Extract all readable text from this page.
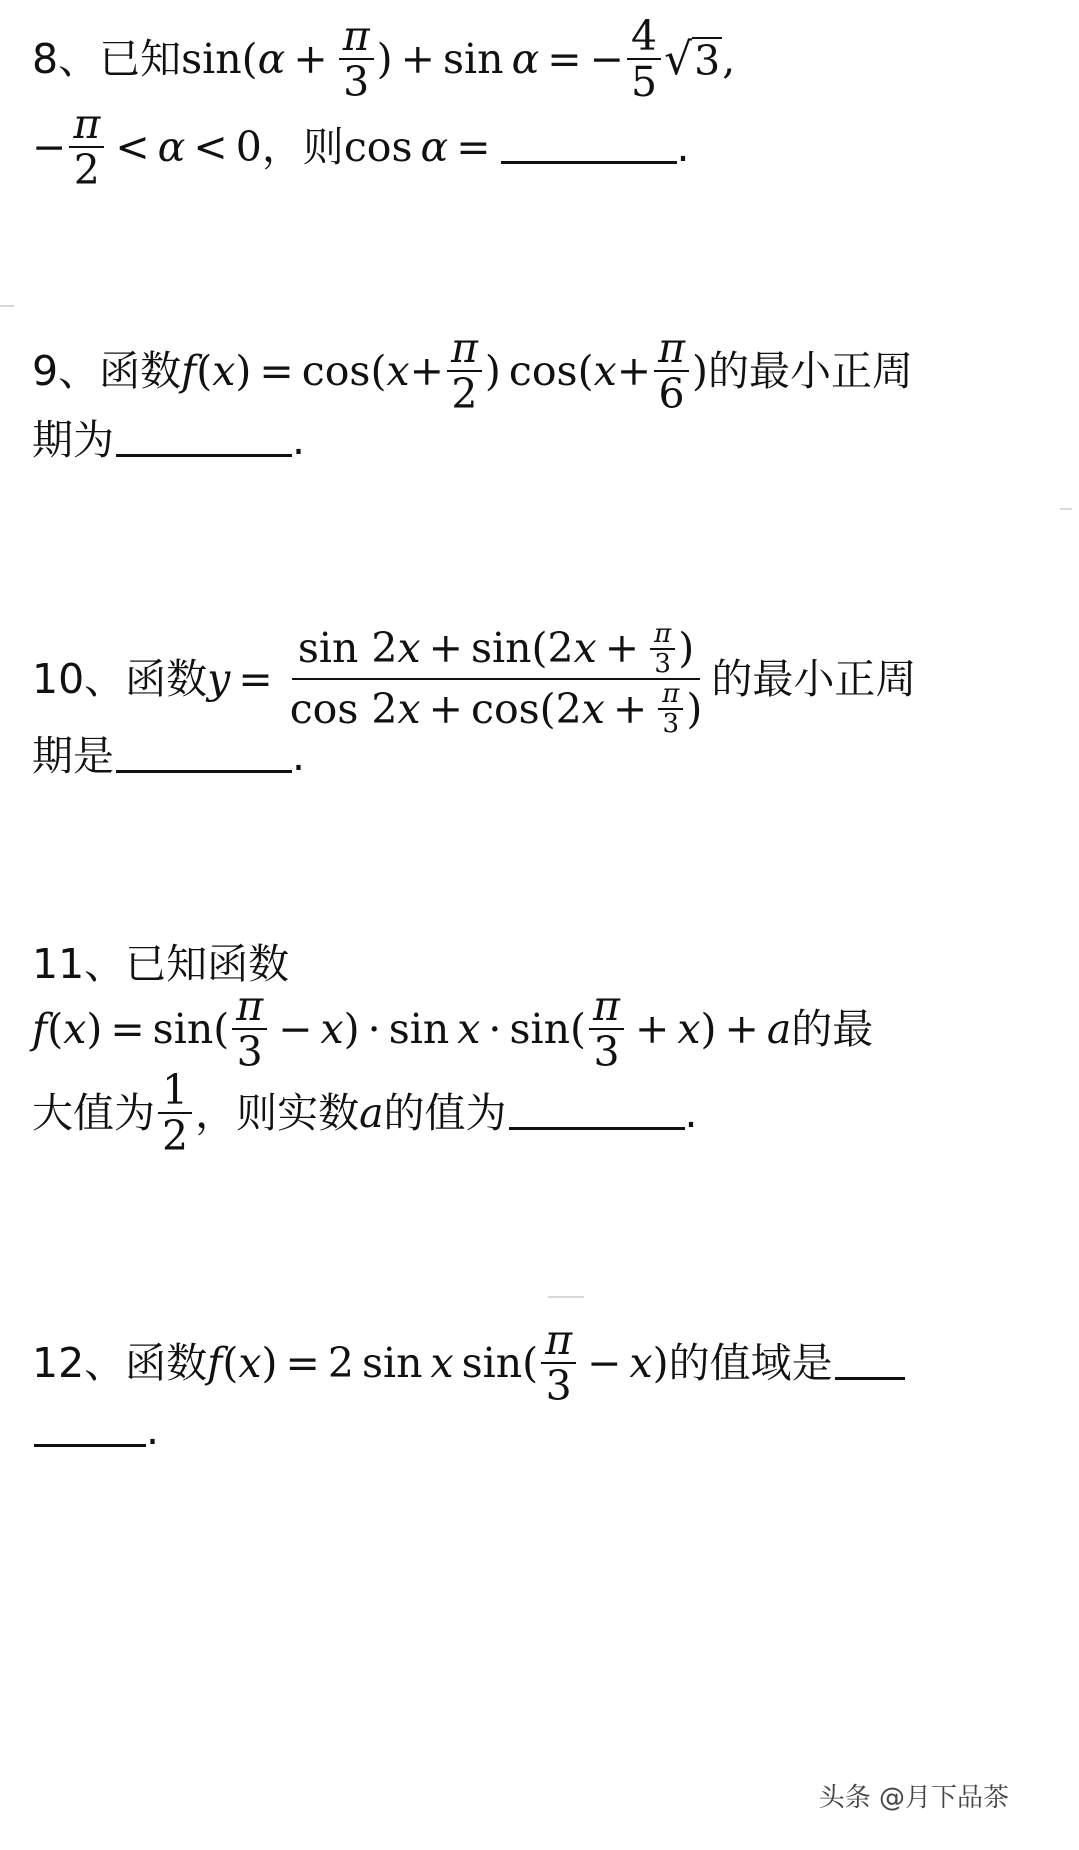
8、 已知 sin( $\alpha + \frac{\pi}{3}$ ) + sin α = − $\frac{4}{5}$ √ 3 ,
− $\frac{\pi}{2} < \alpha < 0$ ，则 cos α =	.
9、 函数 f ( x ) = cos( $x + \frac{\pi}{2}$ )
cos( $x + \frac{\pi}{6}$ ) 的最小正周
期为	.
10、 函数 $y = \frac{\sin 2 x + \sin(2 x + \frac{\pi}{3} )}{\cos 2 x + \cos(2 x + \frac{\pi}{3} )}$ 的最小正周
期是	.
11、 已知函数
f ( x ) = $\sin( \frac{\pi}{3} - x$ ) · $\sin x \cdot \sin( \frac{\pi}{3} + x$ ) + a 的最
大值为 $\frac{1}{2}$ ，则实数 a 的值为	.
12、 函数 f ( x ) = 2 sin x $\sin( \frac{\pi}{3} - x$ ) 的值域是
.
头条 @月下品茶
